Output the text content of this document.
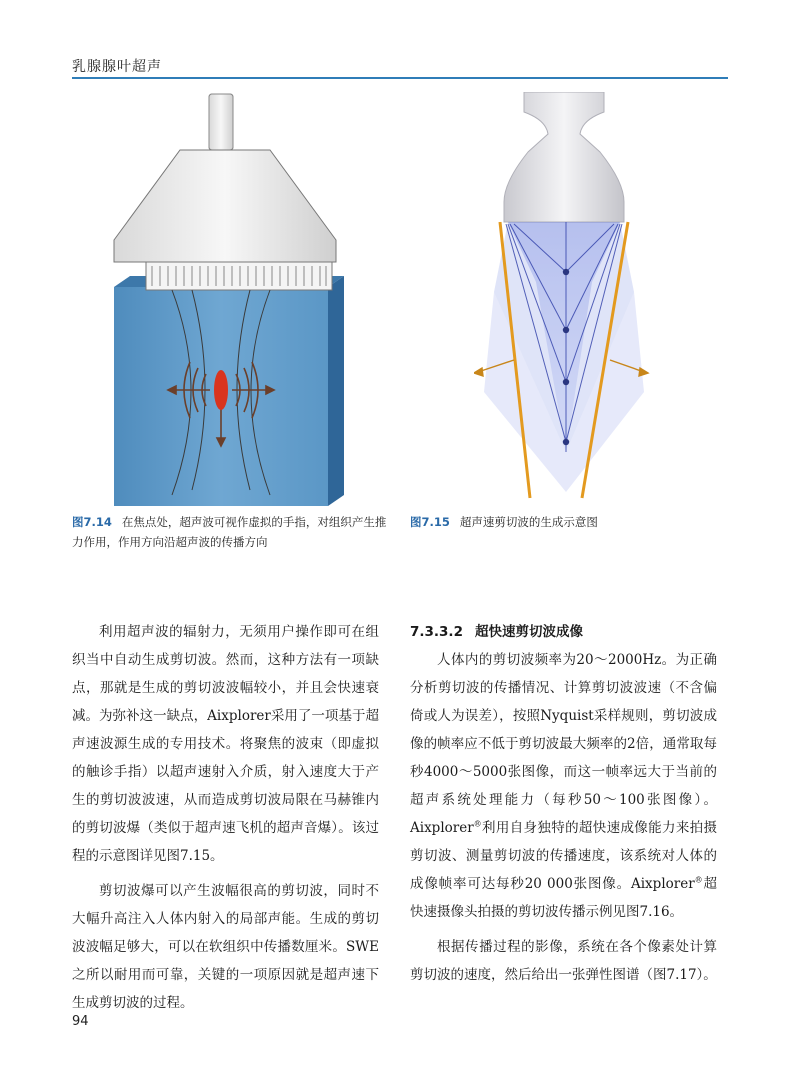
乳腺腺叶超声
图7.14 在焦点处，超声波可视作虚拟的手指，对组织产生推力作用，作用方向沿超声波的传播方向
图7.15 超声速剪切波的生成示意图

利用超声波的辐射力，无须用户操作即可在组织当中自动生成剪切波。然而，这种方法有一项缺点，那就是生成的剪切波波幅较小，并且会快速衰减。为弥补这一缺点，Aixplorer采用了一项基于超声速波源生成的专用技术。将聚焦的波束（即虚拟的触诊手指）以超声速射入介质，射入速度大于产生的剪切波波速，从而造成剪切波局限在马赫锥内的剪切波爆（类似于超声速飞机的超声音爆）。该过程的示意图详见图7.15。

剪切波爆可以产生波幅很高的剪切波，同时不大幅升高注入人体内射入的局部声能。生成的剪切波波幅足够大，可以在软组织中传播数厘米。SWE之所以耐用而可靠，关键的一项原因就是超声速下生成剪切波的过程。

7.3.3.2 超快速剪切波成像

人体内的剪切波频率为20～2000Hz。为正确分析剪切波的传播情况、计算剪切波波速（不含偏倚或人为误差），按照Nyquist采样规则，剪切波成像的帧率应不低于剪切波最大频率的2倍，通常取每秒4000～5000张图像，而这一帧率远大于当前的超声系统处理能力（每秒50～100张图像）。Aixplorer®利用自身独特的超快速成像能力来拍摄剪切波、测量剪切波的传播速度，该系统对人体的成像帧率可达每秒20 000张图像。Aixplorer®超快速摄像头拍摄的剪切波传播示例见图7.16。

根据传播过程的影像，系统在各个像素处计算剪切波的速度，然后给出一张弹性图谱（图7.17）。

94
